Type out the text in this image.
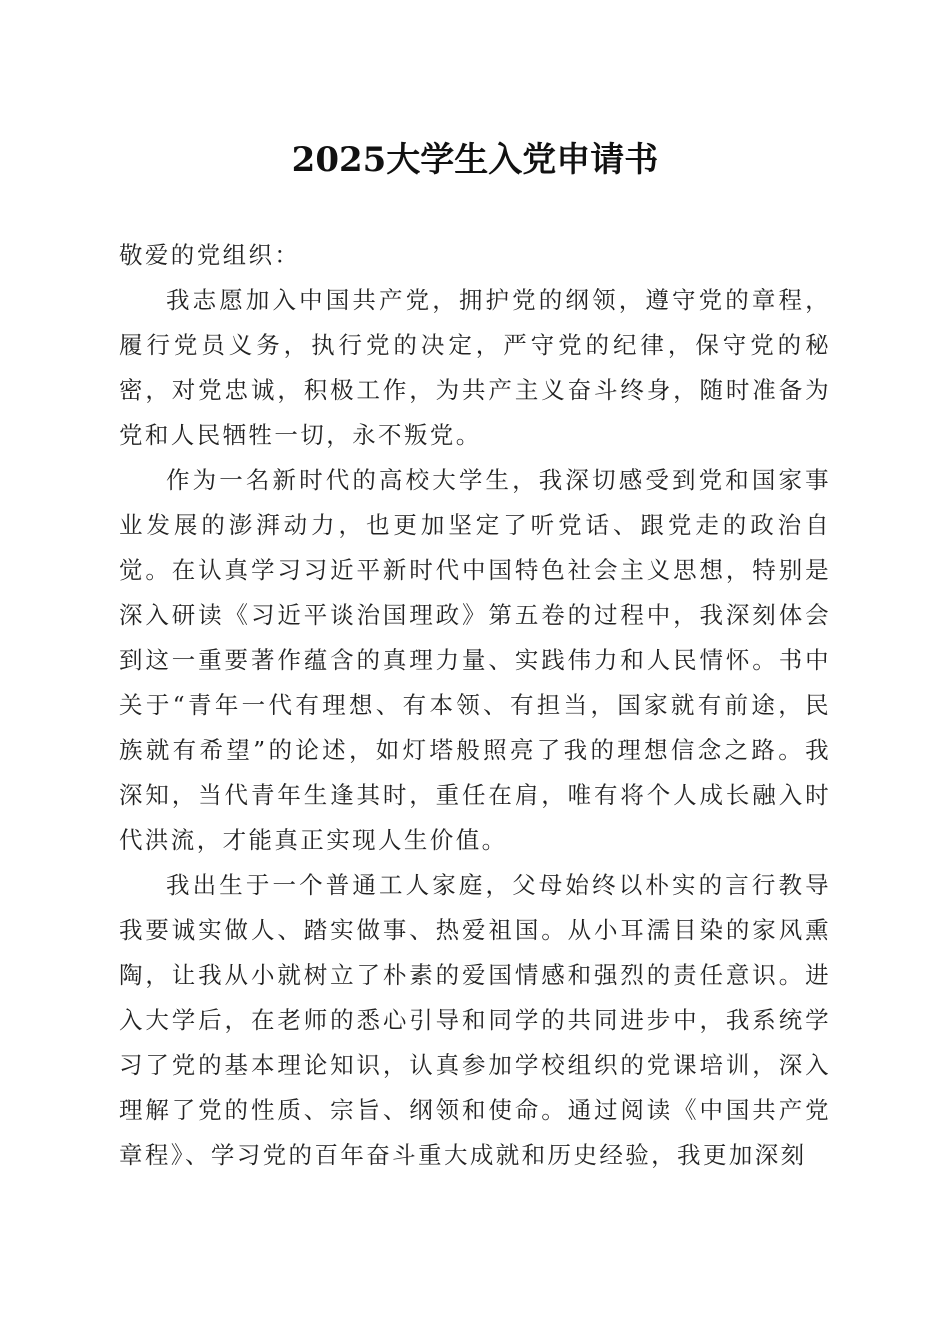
2025大学生入党申请书

敬爱的党组织：

我志愿加入中国共产党，拥护党的纲领，遵守党的章程，履行党员义务，执行党的决定，严守党的纪律，保守党的秘密，对党忠诚，积极工作，为共产主义奋斗终身，随时准备为党和人民牺牲一切，永不叛党。

作为一名新时代的高校大学生，我深切感受到党和国家事业发展的澎湃动力，也更加坚定了听党话、跟党走的政治自觉。在认真学习习近平新时代中国特色社会主义思想，特别是深入研读《习近平谈治国理政》第五卷的过程中，我深刻体会到这一重要著作蕴含的真理力量、实践伟力和人民情怀。书中关于“青年一代有理想、有本领、有担当，国家就有前途，民族就有希望”的论述，如灯塔般照亮了我的理想信念之路。我深知，当代青年生逢其时，重任在肩，唯有将个人成长融入时代洪流，才能真正实现人生价值。

我出生于一个普通工人家庭，父母始终以朴实的言行教导我要诚实做人、踏实做事、热爱祖国。从小耳濡目染的家风熏陶，让我从小就树立了朴素的爱国情感和强烈的责任意识。进入大学后，在老师的悉心引导和同学的共同进步中，我系统学习了党的基本理论知识，认真参加学校组织的党课培训，深入理解了党的性质、宗旨、纲领和使命。通过阅读《中国共产党章程》、学习党的百年奋斗重大成就和历史经验，我更加深刻
